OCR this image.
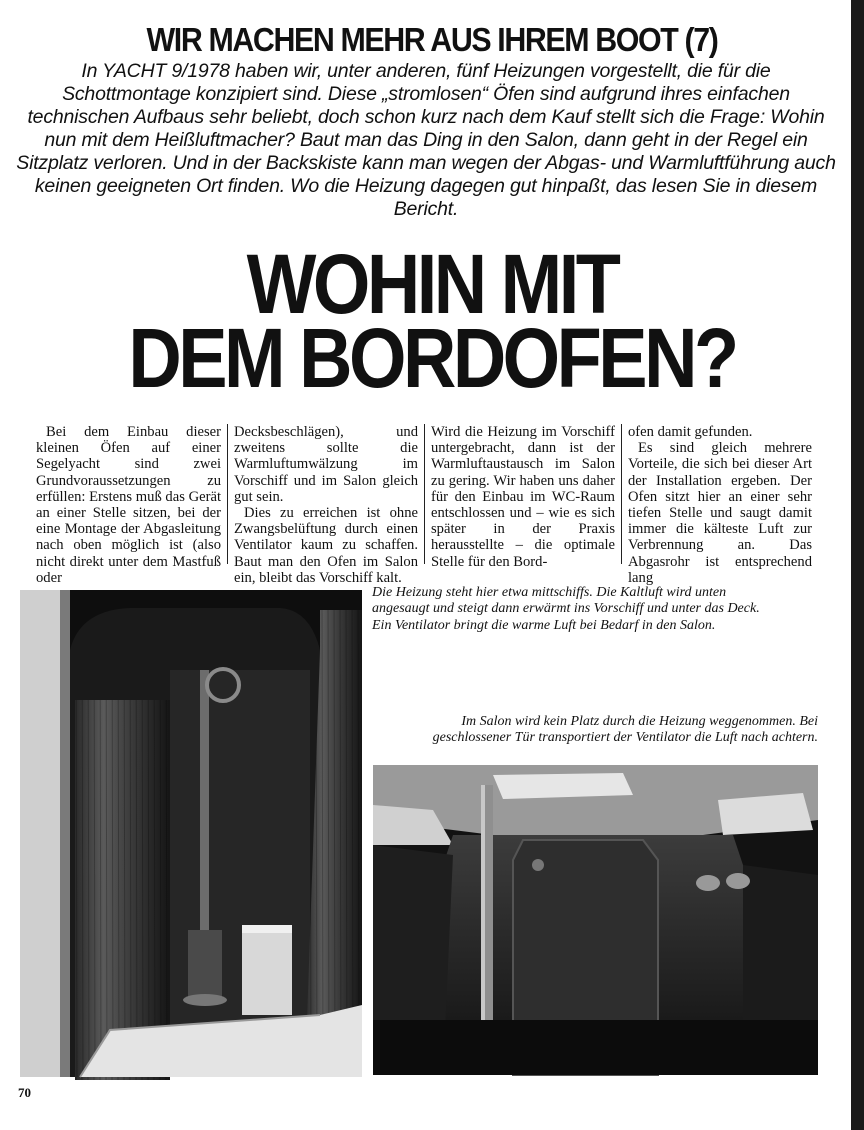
WIR MACHEN MEHR AUS IHREM BOOT (7)
In YACHT 9/1978 haben wir, unter anderen, fünf Heizungen vorgestellt, die für die Schottmontage konzipiert sind. Diese „stromlosen“ Öfen sind aufgrund ihres einfachen technischen Aufbaus sehr beliebt, doch schon kurz nach dem Kauf stellt sich die Frage: Wohin nun mit dem Heißluftmacher? Baut man das Ding in den Salon, dann geht in der Regel ein Sitzplatz verloren. Und in der Backskiste kann man wegen der Abgas- und Warmluftführung auch keinen geeigneten Ort finden. Wo die Heizung dagegen gut hinpaßt, das lesen Sie in diesem Bericht.
WOHIN MIT
DEM BORDOFEN?

Bei dem Einbau dieser kleinen Öfen auf einer Segelyacht sind zwei Grundvoraussetzungen zu erfüllen: Erstens muß das Gerät an einer Stelle sitzen, bei der eine Montage der Abgasleitung nach oben möglich ist (also nicht direkt unter dem Mastfuß oder

Decksbeschlägen), und zweitens sollte die Warmluftumwälzung im Vorschiff und im Salon gleich gut sein.

Dies zu erreichen ist ohne Zwangsbelüftung durch einen Ventilator kaum zu schaffen. Baut man den Ofen im Salon ein, bleibt das Vorschiff kalt.

Wird die Heizung im Vorschiff untergebracht, dann ist der Warmluftaustausch im Salon zu gering. Wir haben uns daher für den Einbau im WC-Raum entschlossen und – wie es sich später in der Praxis herausstellte – die optimale Stelle für den Bord-

ofen damit gefunden.

Es sind gleich mehrere Vorteile, die sich bei dieser Art der Installation ergeben. Der Ofen sitzt hier an einer sehr tiefen Stelle und saugt damit immer die kälteste Luft zur Verbrennung an. Das Abgasrohr ist entsprechend lang

Die Heizung steht hier etwa mittschiffs. Die Kaltluft wird unten angesaugt und steigt dann erwärmt ins Vorschiff und unter das Deck. Ein Ventilator bringt die warme Luft bei Bedarf in den Salon.
Im Salon wird kein Platz durch die Heizung weggenommen. Bei geschlossener Tür transportiert der Ventilator die Luft nach achtern.
70
